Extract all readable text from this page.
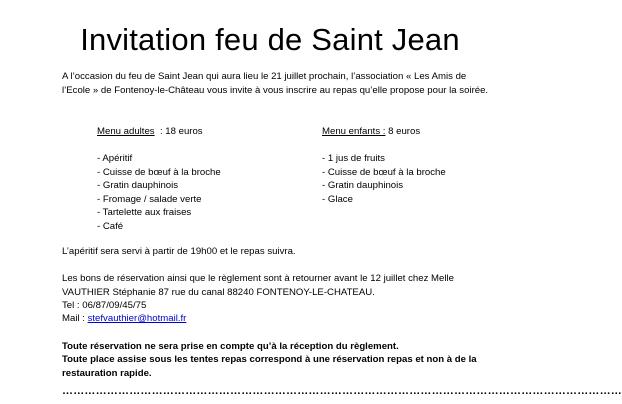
Invitation feu de Saint Jean
A l’occasion du feu de Saint Jean qui aura lieu le 21 juillet prochain, l’association « Les Amis de l’Ecole » de Fontenoy-le-Château vous invite à vous inscrire au repas qu’elle propose pour la soirée.
Menu adultes  : 18 euros
- Apéritif
- Cuisse de bœuf à la broche
- Gratin dauphinois
- Fromage / salade verte
- Tartelette aux fraises
- Café
Menu enfants : 8 euros
- 1 jus de fruits
- Cuisse de bœuf à la broche
- Gratin dauphinois
- Glace
L’apéritif sera servi à partir de 19h00 et le repas suivra.
Les bons de réservation ainsi que le règlement sont à retourner avant le 12 juillet chez Melle VAUTHIER Stéphanie 87 rue du canal 88240 FONTENOY-LE-CHATEAU.
Tel : 06/87/09/45/75
Mail : stefvauthier@hotmail.fr
Toute réservation ne sera prise en compte qu’à la réception du règlement.
Toute place assise sous les tentes repas correspond à une réservation repas et non à de la restauration rapide.
……………………………………………………………………………………………………………………………………
